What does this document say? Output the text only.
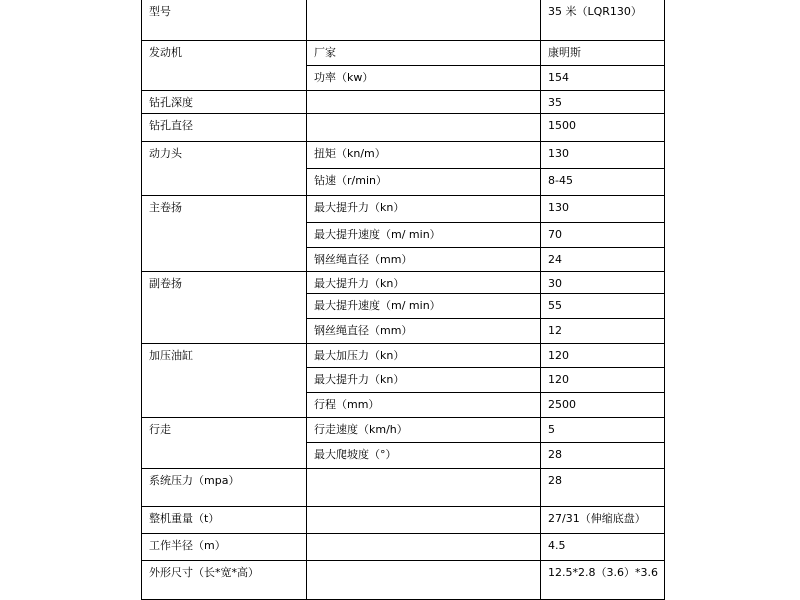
型号		35 米（LQR130）
发动机	厂家	康明斯
	功率（kw）	154
钻孔深度		35
钻孔直径		1500
动力头	扭矩（kn/m）	130
	钻速（r/min）	8-45
主卷扬	最大提升力（kn）	130
	最大提升速度（m/ min）	70
	钢丝绳直径（mm）	24
副卷扬	最大提升力（kn）	30
	最大提升速度（m/ min）	55
	钢丝绳直径（mm）	12
加压油缸	最大加压力（kn）	120
	最大提升力（kn）	120
	行程（mm）	2500
行走	行走速度（km/h）	5
	最大爬坡度（°）	28
系统压力（mpa）		28
整机重量（t）		27/31（伸缩底盘）
工作半径（m）		4.5
外形尺寸（长*宽*高）		12.5*2.8（3.6）*3.6
